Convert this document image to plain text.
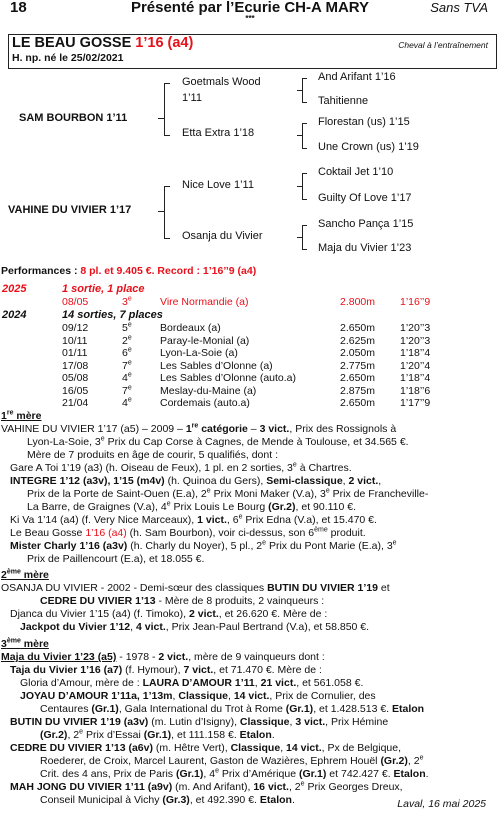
18	Présenté par l’Ecurie CH-A MARY	Sans TVA
***
LE BEAU GOSSE 1’16 (a4)	Cheval à l’entraînement
H. np. né le 25/02/2021
SAM BOURBON 1’11
VAHINE DU VIVIER 1’17
Goetmals Wood
1’11
Etta Extra 1’18
Nice Love 1’11
Osanja du Vivier
And Arifant 1’16
Tahitienne
Florestan (us) 1’15
Une Crown (us) 1’19
Coktail Jet 1’10
Guilty Of Love 1’17
Sancho Pança 1’15
Maja du Vivier 1’23
Performances : 8 pl. et 9.405 €. Record : 1’16’’9 (a4)
2025	1 sortie, 1 place
08/05	3e	Vire Normandie (a)	2.800m 1’16’’9
2024	14 sorties, 7 places
09/12	5e	Bordeaux (a)	2.650m 1’20’’3
10/11	2e	Paray-le-Monial (a)	2.625m 1’20’’3
01/11	6e	Lyon-La-Soie (a)	2.050m 1’18’’4
17/08	7e	Les Sables d’Olonne (a)	2.775m 1’20’’4
05/08	4e	Les Sables d’Olonne (auto.a)	2.650m 1’18’’4
16/05	7e	Meslay-du-Maine (a)	2.875m 1’18’’6
21/04	4e	Cordemais (auto.a)	2.650m 1’17’’9
1re mère
VAHINE DU VIVIER 1’17 (a5) – 2009 – 1re catégorie – 3 vict., Prix des Rossignols à
Lyon-La-Soie, 3e Prix du Cap Corse à Cagnes, de Mende à Toulouse, et 34.565 €.
Mère de 7 produits en âge de courir, 5 qualifiés, dont :
Gare A Toi 1’19 (a3) (h. Oiseau de Feux), 1 pl. en 2 sorties, 3e à Chartres.
INTEGRE 1’12 (a3v), 1’15 (m4v) (h. Quinoa du Gers), Semi-classique, 2 vict.,
Prix de la Porte de Saint-Ouen (E.a), 2e Prix Moni Maker (V.a), 3e Prix de Francheville-
La Barre, de Graignes (V.a), 4e Prix Louis Le Bourg (Gr.2), et 90.110 €.
Ki Va 1’14 (a4) (f. Very Nice Marceaux), 1 vict., 6e Prix Edna (V.a), et 15.470 €.
Le Beau Gosse 1’16 (a4) (h. Sam Bourbon), voir ci-dessus, son 6ème produit.
Mister Charly 1’16 (a3v) (h. Charly du Noyer), 5 pl., 2e Prix du Pont Marie (E.a), 3e
Prix de Paillencourt (E.a), et 18.055 €.
2ème mère
OSANJA DU VIVIER - 2002 - Demi-sœur des classiques BUTIN DU VIVIER 1’19 et
CEDRE DU VIVIER 1’13 - Mère de 8 produits, 2 vainqueurs :
Djanca du Vivier 1’15 (a4) (f. Timoko), 2 vict., et 26.620 €. Mère de :
Jackpot du Vivier 1’12, 4 vict., Prix Jean-Paul Bertrand (V.a), et 58.850 €.
3ème mère
Maja du Vivier 1’23 (a5) - 1978 - 2 vict., mère de 9 vainqueurs dont :
Taja du Vivier 1’16 (a7) (f. Hymour), 7 vict., et 71.470 €. Mère de :
Gloria d’Amour, mère de : LAURA D’AMOUR 1’11, 21 vict., et 561.058 €.
JOYAU D’AMOUR 1’11a, 1’13m, Classique, 14 vict., Prix de Cornulier, des
Centaures (Gr.1), Gala International du Trot à Rome (Gr.1), et 1.428.513 €. Etalon
BUTIN DU VIVIER 1’19 (a3v) (m. Lutin d’Isigny), Classique, 3 vict., Prix Hémine
(Gr.2), 2e Prix d’Essai (Gr.1), et 111.158 €. Etalon.
CEDRE DU VIVIER 1’13 (a6v) (m. Hêtre Vert), Classique, 14 vict., Px de Belgique,
Roederer, de Croix, Marcel Laurent, Gaston de Wazières, Ephrem Houël (Gr.2), 2e
Crit. des 4 ans, Prix de Paris (Gr.1), 4e Prix d’Amérique (Gr.1) et 742.427 €. Etalon.
MAH JONG DU VIVIER 1’11 (a9v) (m. And Arifant), 16 vict., 2e Prix Georges Dreux,
Conseil Municipal à Vichy (Gr.3), et 492.390 €. Etalon.	Laval, 16 mai 2025
